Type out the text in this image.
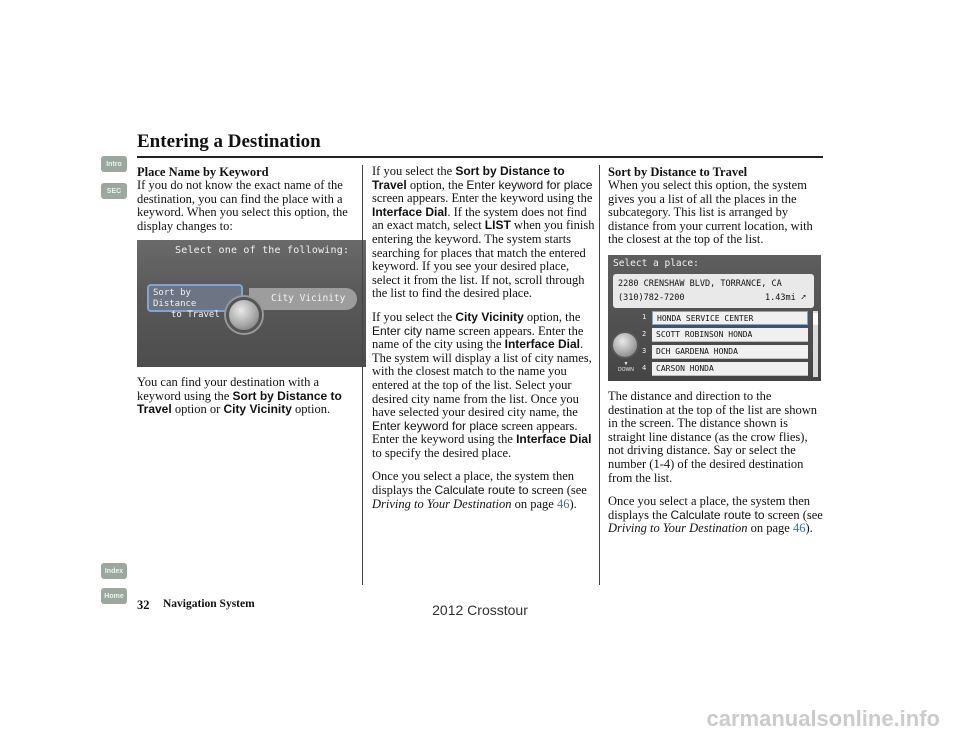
Entering a Destination
Intro
SEC
Index
Home
Place Name by Keyword

If you do not know the exact name of the destination, you can find the place with a keyword. When you select this option, the display changes to:

Select one of the following:
Sort by Distance
to Travel
City Vicinity

You can find your destination with a keyword using the Sort by Distance to Travel option or City Vicinity option.

If you select the Sort by Distance to Travel option, the Enter keyword for place screen appears. Enter the keyword using the Interface Dial. If the system does not find an exact match, select LIST when you finish entering the keyword. The system starts searching for places that match the entered keyword. If you see your desired place, select it from the list. If not, scroll through the list to find the desired place.

If you select the City Vicinity option, the Enter city name screen appears. Enter the name of the city using the Interface Dial. The system will display a list of city names, with the closest match to the name you entered at the top of the list. Select your desired city name from the list. Once you have selected your desired city name, the Enter keyword for place screen appears. Enter the keyword using the Interface Dial to specify the desired place.

Once you select a place, the system then displays the Calculate route to screen (see Driving to Your Destination on page 46).

Sort by Distance to Travel

When you select this option, the system gives you a list of all the places in the subcategory. This list is arranged by distance from your current location, with the closest at the top of the list.

Select a place:
2280 CRENSHAW BLVD, TORRANCE, CA
(310)782-7200	1.43mi ➚
1	HONDA SERVICE CENTER
2	SCOTT ROBINSON HONDA
3	DCH GARDENA HONDA
4	CARSON HONDA
▼
DOWN

The distance and direction to the destination at the top of the list are shown in the screen. The distance shown is straight line distance (as the crow flies), not driving distance. Say or select the number (1-4) of the desired destination from the list.

Once you select a place, the system then displays the Calculate route to screen (see Driving to Your Destination on page 46).

32 Navigation System	2012 Crosstour
carmanualsonline.info
